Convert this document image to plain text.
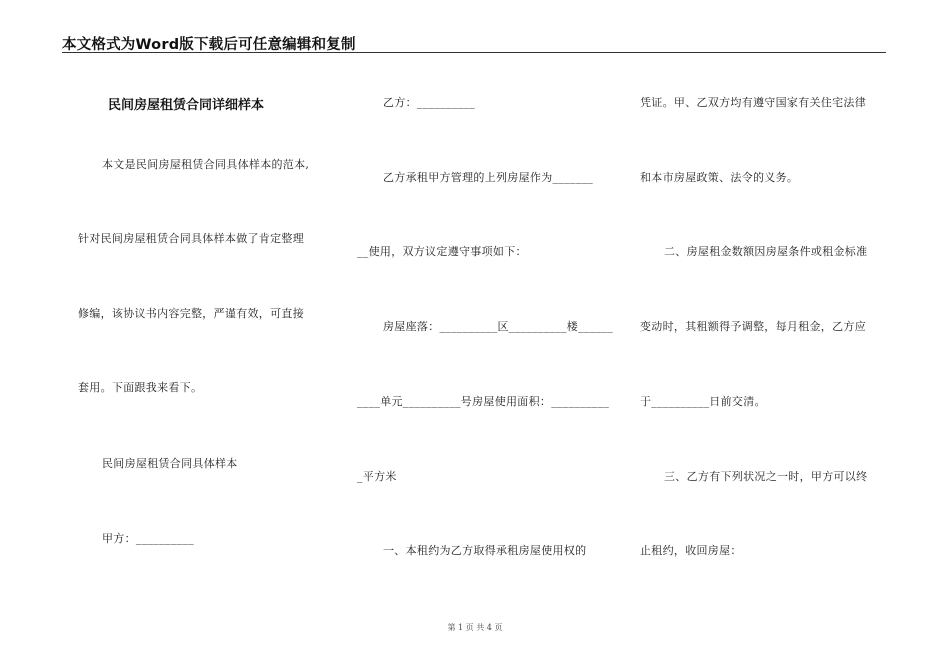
本文格式为Word版下载后可任意编辑和复制
民间房屋租赁合同详细样本
本文是民间房屋租赁合同具体样本的范本,
针对民间房屋租赁合同具体样本做了肯定整理
修编，该协议书内容完整，严谨有效，可直接
套用。下面跟我来看下。
民间房屋租赁合同具体样本
甲方：__________
乙方：__________
乙方承租甲方管理的上列房屋作为_______
__使用，双方议定遵守事项如下：
房屋座落：__________区__________楼______
____单元__________号房屋使用面积：__________
_平方米
一、本租约为乙方取得承租房屋使用权的
凭证。甲、乙双方均有遵守国家有关住宅法律
和本市房屋政策、法令的义务。
二、房屋租金数额因房屋条件或租金标准
变动时，其租额得予调整，每月租金，乙方应
于__________日前交清。
三、乙方有下列状况之一时，甲方可以终
止租约，收回房屋：
第 1 页 共 4 页
